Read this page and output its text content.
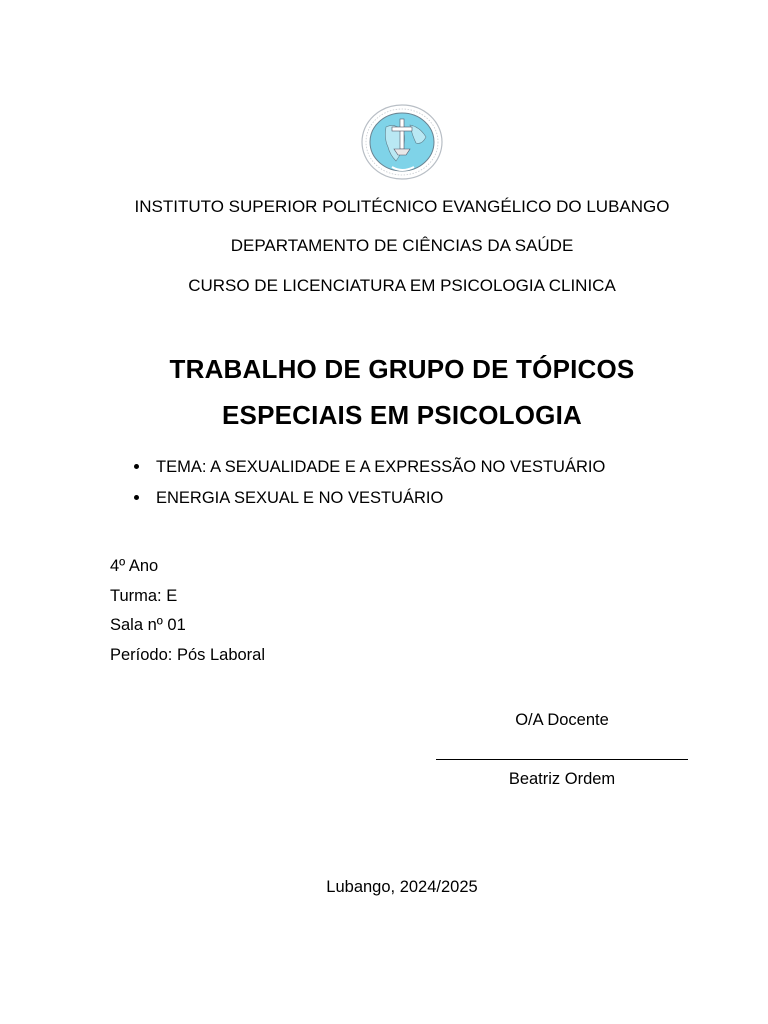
INSTITUTO SUPERIOR POLITÉCNICO EVANGÉLICO DO LUBANGO
DEPARTAMENTO DE CIÊNCIAS DA SAÚDE
CURSO DE LICENCIATURA EM PSICOLOGIA CLINICA
TRABALHO DE GRUPO DE TÓPICOS
ESPECIAIS EM PSICOLOGIA
TEMA: A SEXUALIDADE E A EXPRESSÃO NO VESTUÁRIO
ENERGIA SEXUAL E NO VESTUÁRIO
4º Ano
Turma: E
Sala nº 01
Período: Pós Laboral
O/A Docente
Beatriz Ordem
Lubango, 2024/2025
